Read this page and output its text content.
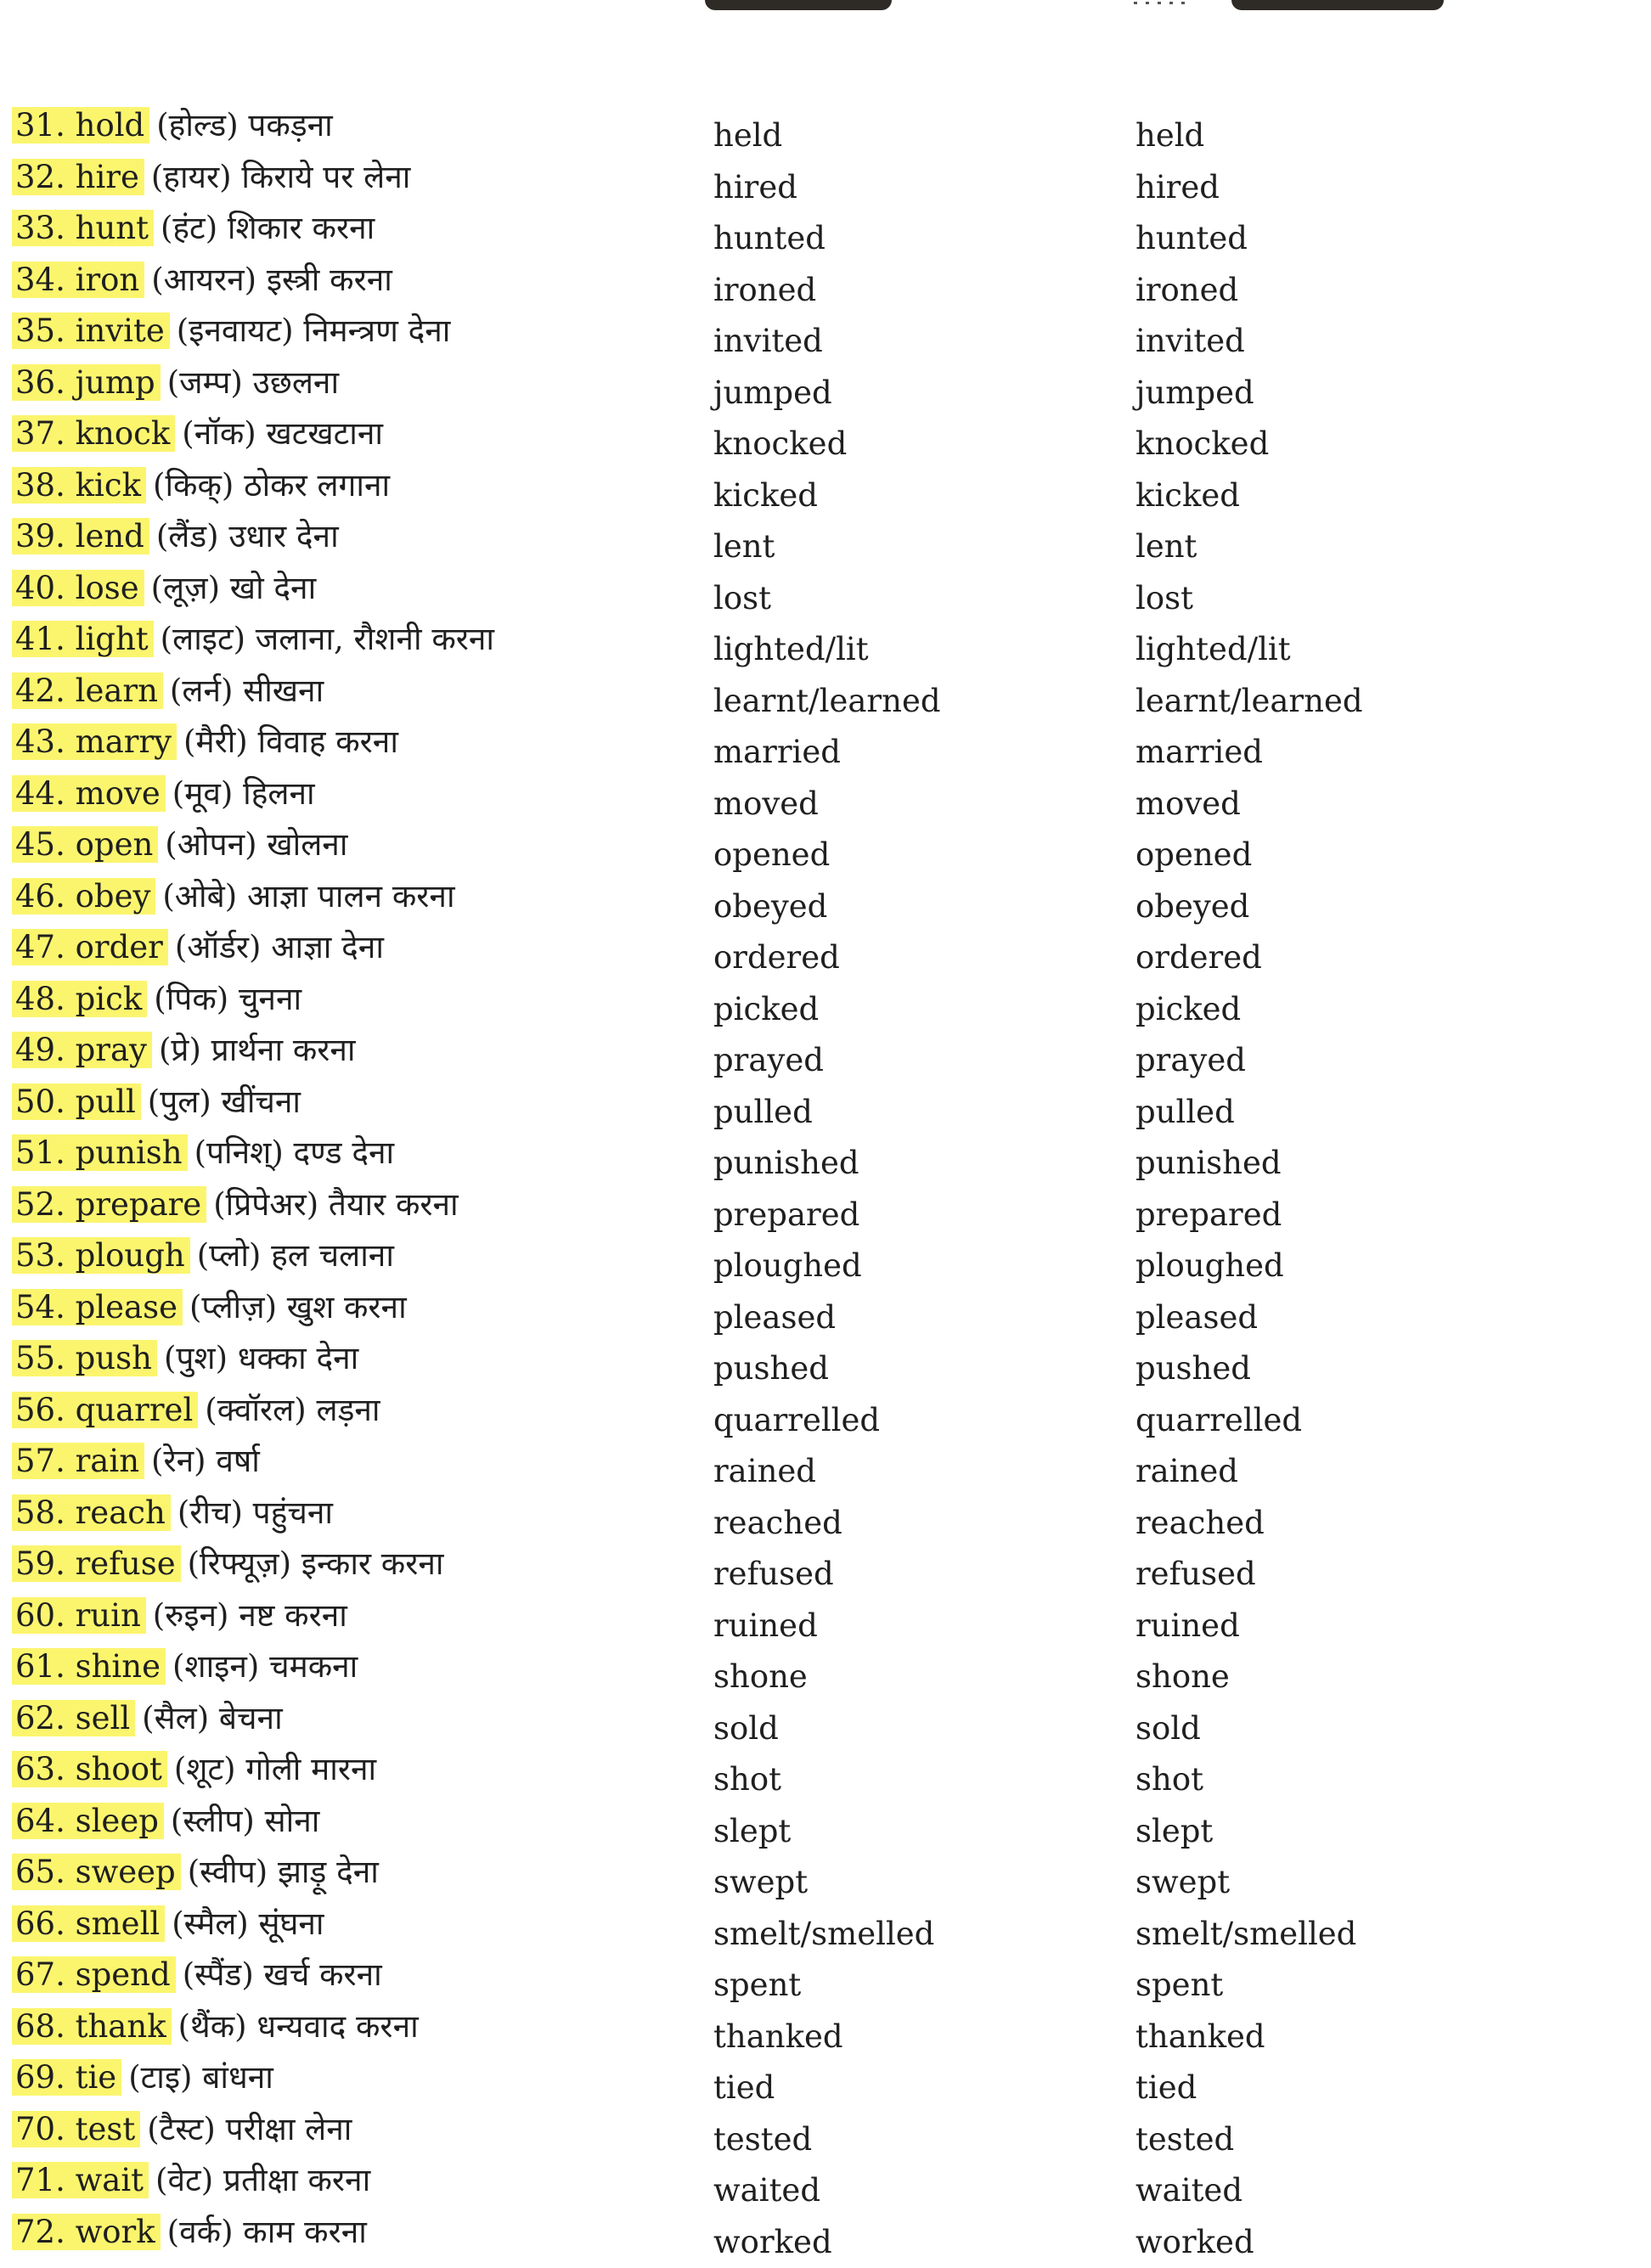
31. hold (होल्ड) पकड़ना	held	held
32. hire (हायर) किराये पर लेना	hired	hired
33. hunt (हंट) शिकार करना	hunted	hunted
34. iron (आयरन) इस्त्री करना	ironed	ironed
35. invite (इनवायट) निमन्त्रण देना	invited	invited
36. jump (जम्प) उछलना	jumped	jumped
37. knock (नॉक) खटखटाना	knocked	knocked
38. kick (किक्) ठोकर लगाना	kicked	kicked
39. lend (लैंड) उधार देना	lent	lent
40. lose (लूज़) खो देना	lost	lost
41. light (लाइट) जलाना, रौशनी करना	lighted/lit	lighted/lit
42. learn (लर्न) सीखना	learnt/learned	learnt/learned
43. marry (मैरी) विवाह करना	married	married
44. move (मूव) हिलना	moved	moved
45. open (ओपन) खोलना	opened	opened
46. obey (ओबे) आज्ञा पालन करना	obeyed	obeyed
47. order (ऑर्डर) आज्ञा देना	ordered	ordered
48. pick (पिक) चुनना	picked	picked
49. pray (प्रे) प्रार्थना करना	prayed	prayed
50. pull (पुल) खींचना	pulled	pulled
51. punish (पनिश्) दण्ड देना	punished	punished
52. prepare (प्रिपेअर) तैयार करना	prepared	prepared
53. plough (प्लो) हल चलाना	ploughed	ploughed
54. please (प्लीज़) खुश करना	pleased	pleased
55. push (पुश) धक्का देना	pushed	pushed
56. quarrel (क्वॉरल) लड़ना	quarrelled	quarrelled
57. rain (रेन) वर्षा	rained	rained
58. reach (रीच) पहुंचना	reached	reached
59. refuse (रिफ्यूज़) इन्कार करना	refused	refused
60. ruin (रुइन) नष्ट करना	ruined	ruined
61. shine (शाइन) चमकना	shone	shone
62. sell (सैल) बेचना	sold	sold
63. shoot (शूट) गोली मारना	shot	shot
64. sleep (स्लीप) सोना	slept	slept
65. sweep (स्वीप) झाड़ू देना	swept	swept
66. smell (स्मैल) सूंघना	smelt/smelled	smelt/smelled
67. spend (स्पैंड) खर्च करना	spent	spent
68. thank (थैंक) धन्यवाद करना	thanked	thanked
69. tie (टाइ) बांधना	tied	tied
70. test (टैस्ट) परीक्षा लेना	tested	tested
71. wait (वेट) प्रतीक्षा करना	waited	waited
72. work (वर्क) काम करना	worked	worked
